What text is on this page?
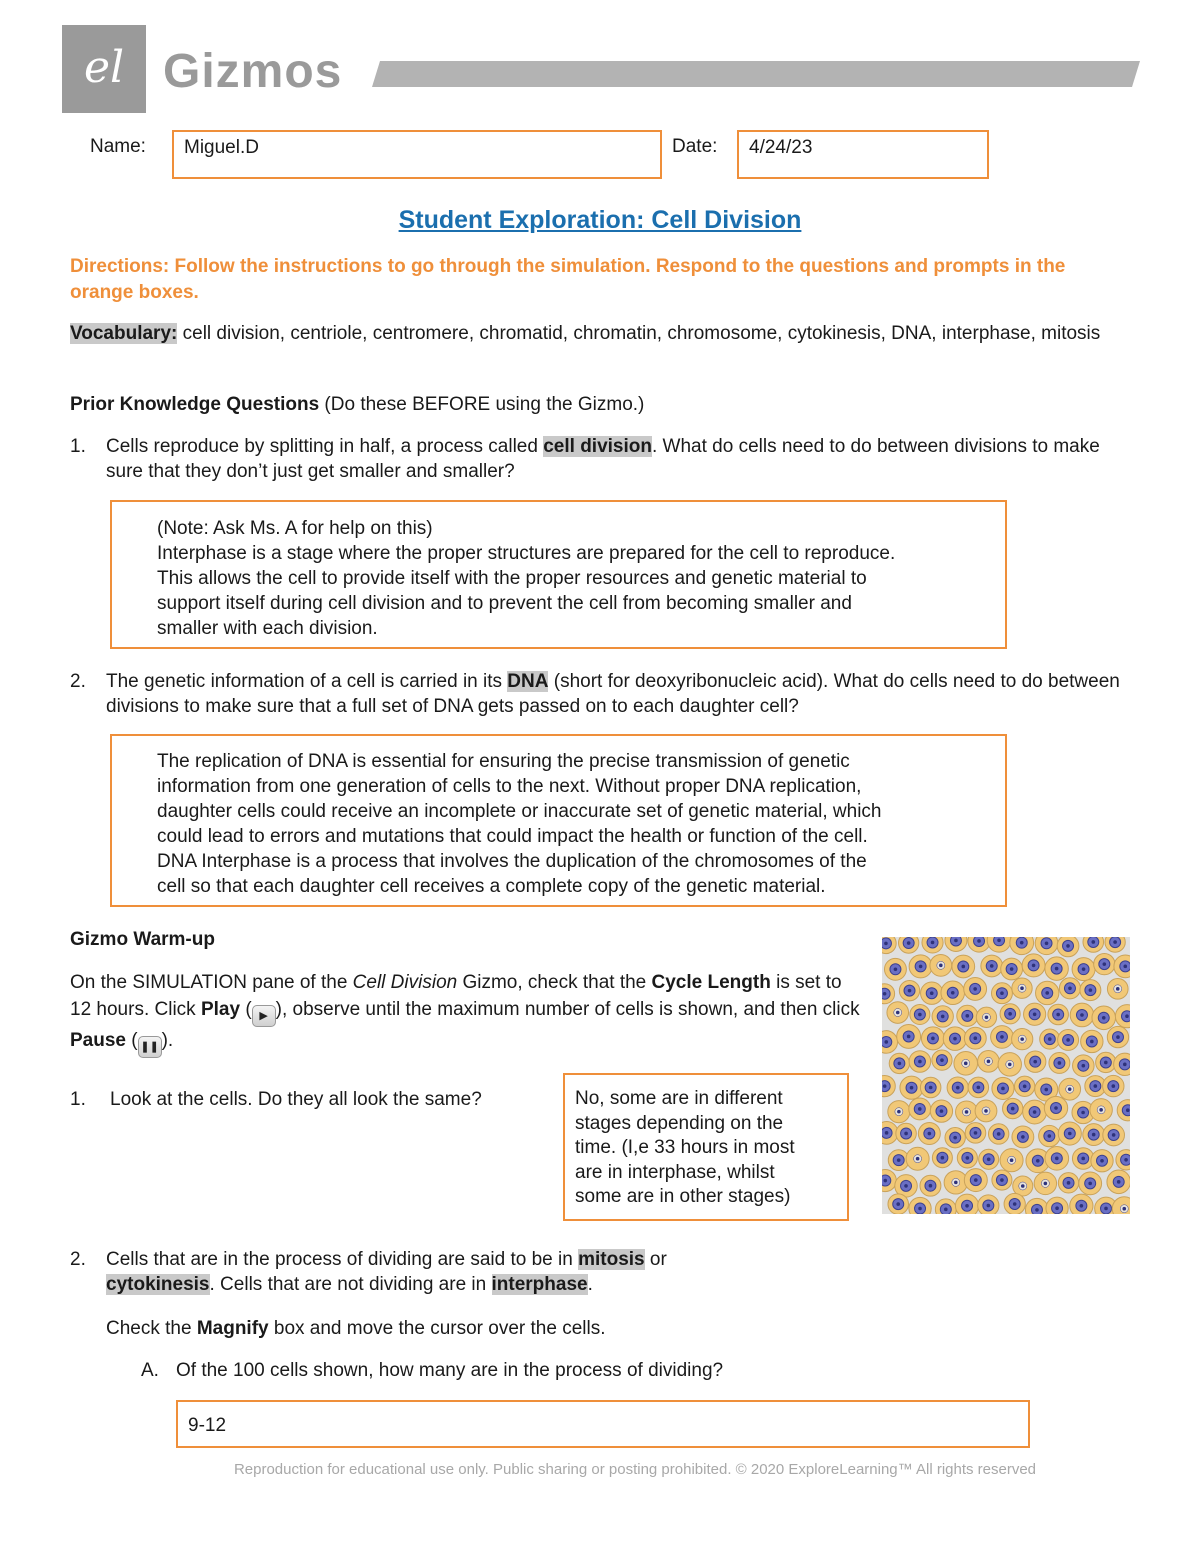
el Gizmos
Name:	Miguel.D	Date:	4/24/23
Student Exploration: Cell Division
Directions: Follow the instructions to go through the simulation. Respond to the questions and prompts in the orange boxes.
Vocabulary: cell division, centriole, centromere, chromatid, chromatin, chromosome, cytokinesis, DNA, interphase, mitosis
Prior Knowledge Questions (Do these BEFORE using the Gizmo.)
1.	Cells reproduce by splitting in half, a process called cell division. What do cells need to do between divisions to make sure that they don’t just get smaller and smaller?
(Note: Ask Ms. A for help on this)
Interphase is a stage where the proper structures are prepared for the cell to reproduce.
This allows the cell to provide itself with the proper resources and genetic material to
support itself during cell division and to prevent the cell from becoming smaller and
smaller with each division.
2.	The genetic information of a cell is carried in its DNA (short for deoxyribonucleic acid). What do cells need to do between divisions to make sure that a full set of DNA gets passed on to each daughter cell?
The replication of DNA is essential for ensuring the precise transmission of genetic
information from one generation of cells to the next. Without proper DNA replication,
daughter cells could receive an incomplete or inaccurate set of genetic material, which
could lead to errors and mutations that could impact the health or function of the cell.
DNA Interphase is a process that involves the duplication of the chromosomes of the
cell so that each daughter cell receives a complete copy of the genetic material.
Gizmo Warm-up
On the SIMULATION pane of the Cell Division Gizmo, check that the Cycle Length is set to 12 hours. Click Play ( ▶ ), observe until the maximum number of cells is shown, and then click Pause ( ❚❚ ).
1.	Look at the cells. Do they all look the same?	No, some are in different
stages depending on the
time. (I,e 33 hours in most
are in interphase, whilst
some are in other stages)
2.	Cells that are in the process of dividing are said to be in mitosis or
cytokinesis. Cells that are not dividing are in interphase.
Check the Magnify box and move the cursor over the cells.
A. Of the 100 cells shown, how many are in the process of dividing?
9-12
Reproduction for educational use only. Public sharing or posting prohibited. © 2020 ExploreLearning™ All rights reserved
